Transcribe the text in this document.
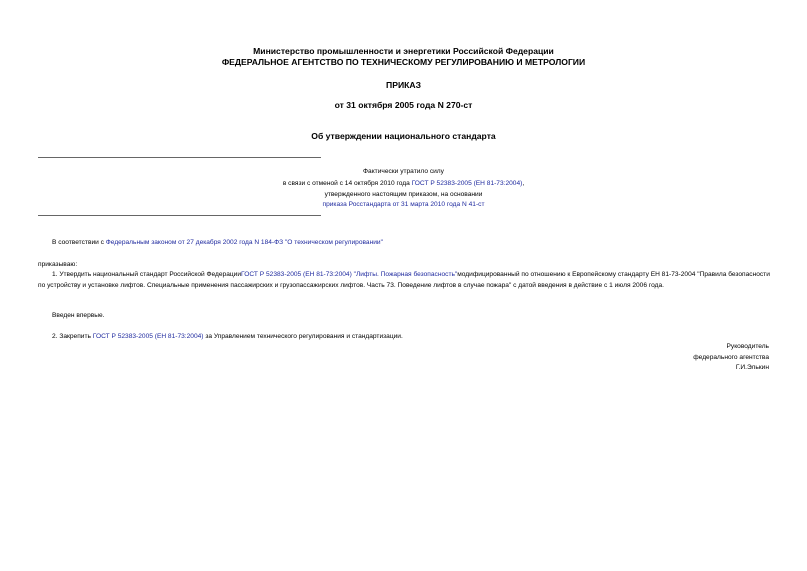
Министерство промышленности и энергетики Российской Федерации
ФЕДЕРАЛЬНОЕ АГЕНТСТВО ПО ТЕХНИЧЕСКОМУ РЕГУЛИРОВАНИЮ И МЕТРОЛОГИИ
ПРИКАЗ
от 31 октября 2005 года N 270-ст
Об утверждении национального стандарта
Фактически утратило силу
в связи с отменой с 14 октября 2010 года ГОСТ Р 52383-2005 (ЕН 81-73:2004),
утвержденного настоящим приказом, на основании
приказа Росстандарта от 31 марта 2010 года N 41-ст
В соответствии с Федеральным законом от 27 декабря 2002 года N 184-ФЗ "О техническом регулировании"
приказываю:
1. Утвердить национальный стандарт Российской ФедерацииГОСТ Р 52383-2005 (ЕН 81-73:2004) "Лифты. Пожарная безопасность"модифицированный по отношению к Европейскому стандарту ЕН 81-73-2004 "Правила безопасности по устройству и установке лифтов. Специальные применения пассажирских и грузопассажирских лифтов. Часть 73. Поведение лифтов в случае пожара" с датой введения в действие с 1 июля 2006 года.
Введен впервые.
2. Закрепить ГОСТ Р 52383-2005 (ЕН 81-73:2004) за Управлением технического регулирования и стандартизации.
Руководитель
федерального агентства
Г.И.Элькин
